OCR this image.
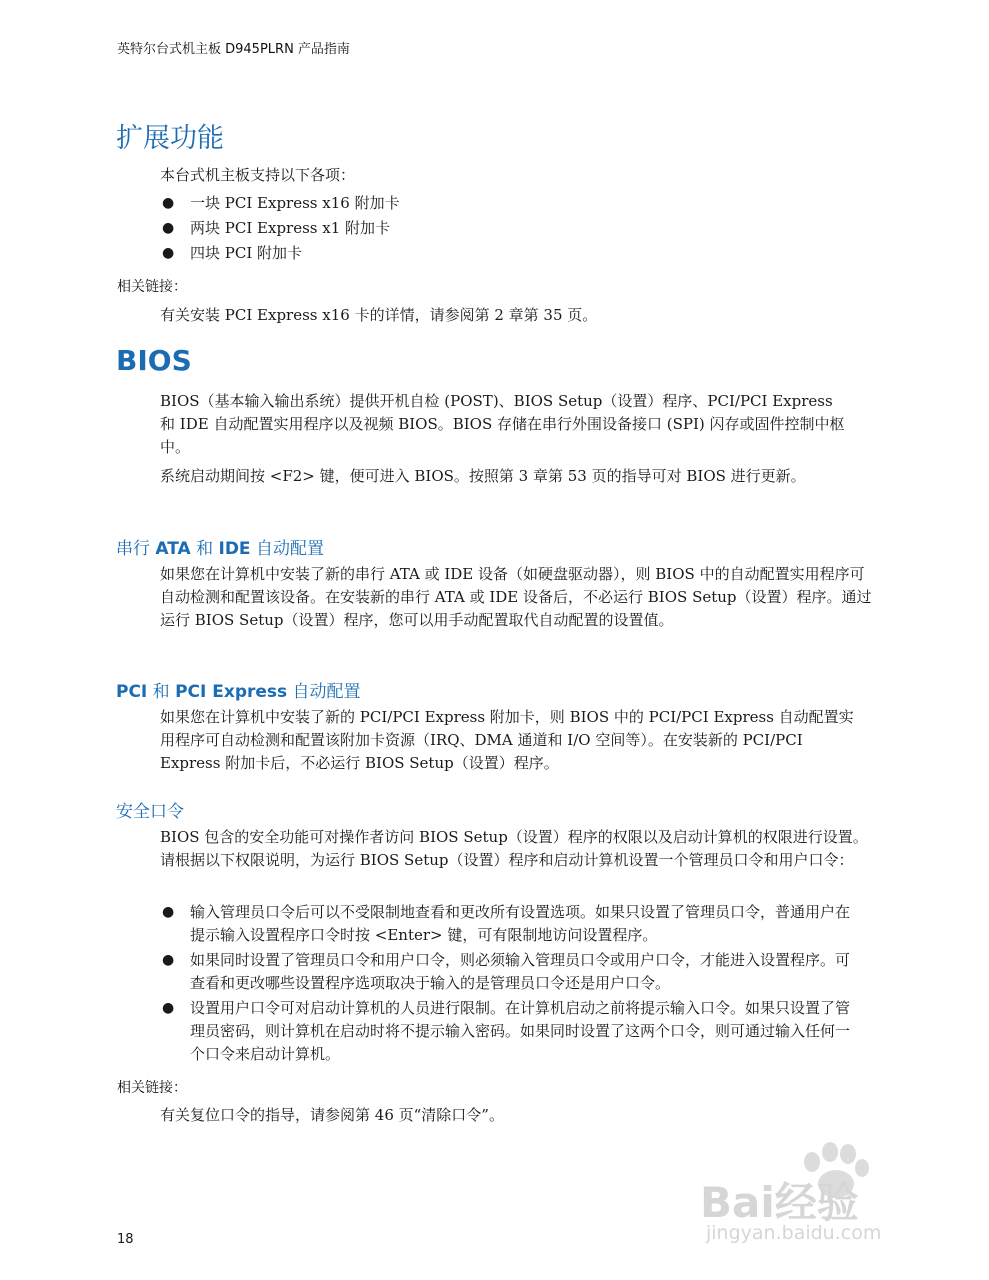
英特尔台式机主板 D945PLRN 产品指南
扩展功能
本台式机主板支持以下各项：
● 一块 PCI Express x16 附加卡
● 两块 PCI Express x1 附加卡
● 四块 PCI 附加卡
相关链接：
有关安装 PCI Express x16 卡的详情，请参阅第 2 章第 35 页。
BIOS
BIOS（基本输入输出系统）提供开机自检 (POST)、BIOS Setup（设置）程序、PCI/PCI Express 和 IDE 自动配置实用程序以及视频 BIOS。BIOS 存储在串行外围设备接口 (SPI) 闪存或固件控制中枢中。
系统启动期间按 <F2> 键，便可进入 BIOS。按照第 3 章第 53 页的指导可对 BIOS 进行更新。
串行 ATA 和 IDE 自动配置
如果您在计算机中安装了新的串行 ATA 或 IDE 设备（如硬盘驱动器），则 BIOS 中的自动配置实用程序可自动检测和配置该设备。在安装新的串行 ATA 或 IDE 设备后，不必运行 BIOS Setup（设置）程序。通过运行 BIOS Setup（设置）程序，您可以用手动配置取代自动配置的设置值。
PCI 和 PCI Express 自动配置
如果您在计算机中安装了新的 PCI/PCI Express 附加卡，则 BIOS 中的 PCI/PCI Express 自动配置实用程序可自动检测和配置该附加卡资源（IRQ、DMA 通道和 I/O 空间等）。在安装新的 PCI/PCI Express 附加卡后，不必运行 BIOS Setup（设置）程序。
安全口令
BIOS 包含的安全功能可对操作者访问 BIOS Setup（设置）程序的权限以及启动计算机的权限进行设置。请根据以下权限说明，为运行 BIOS Setup（设置）程序和启动计算机设置一个管理员口令和用户口令：
● 输入管理员口令后可以不受限制地查看和更改所有设置选项。如果只设置了管理员口令，普通用户在提示输入设置程序口令时按 <Enter> 键，可有限制地访问设置程序。
● 如果同时设置了管理员口令和用户口令，则必须输入管理员口令或用户口令，才能进入设置程序。可查看和更改哪些设置程序选项取决于输入的是管理员口令还是用户口令。
● 设置用户口令可对启动计算机的人员进行限制。在计算机启动之前将提示输入口令。如果只设置了管理员密码，则计算机在启动时将不提示输入密码。如果同时设置了这两个口令，则可通过输入任何一个口令来启动计算机。
相关链接：
有关复位口令的指导，请参阅第 46 页“清除口令”。
18
Bai经验
jingyan.baidu.com
